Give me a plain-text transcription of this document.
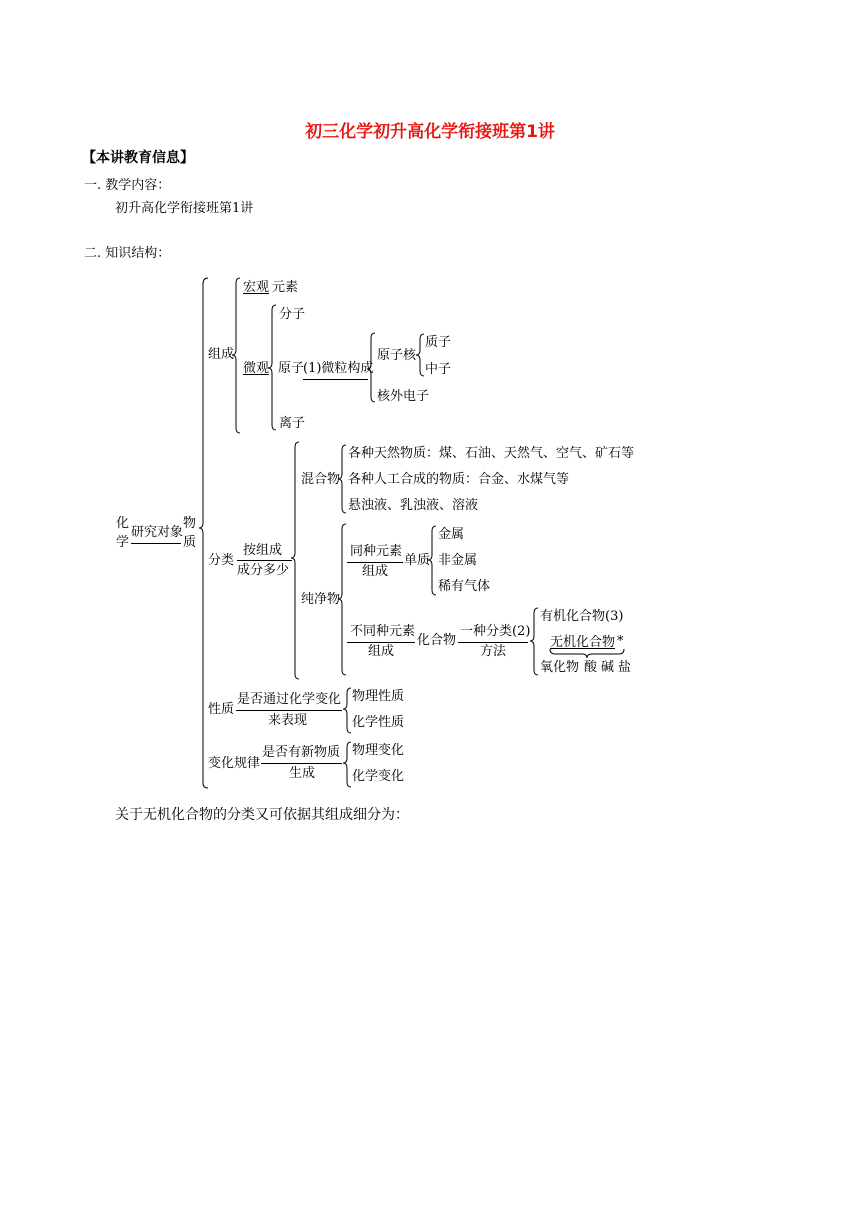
初三化学初升高化学衔接班第1讲
【本讲教育信息】
一. 教学内容：
初升高化学衔接班第1讲
二. 知识结构：
化
学
研究对象
物
质
组成
宏观 元素
微观
分子
原子
(1)微粒构成
原子核
质子
中子
核外电子
离子
分类
按组成
成分多少
混合物
各种天然物质：煤、石油、天然气、空气、矿石等
各种人工合成的物质：合金、水煤气等
悬浊液、乳浊液、溶液
纯净物
同种元素
组成
单质
金属
非金属
稀有气体
不同种元素
组成
化合物
一种分类(2)
方法
有机化合物(3)
无机化合物 *
氧化物 酸 碱 盐
性质
是否通过化学变化
来表现
物理性质
化学性质
变化规律
是否有新物质
生成
物理变化
化学变化
关于无机化合物的分类又可依据其组成细分为：
